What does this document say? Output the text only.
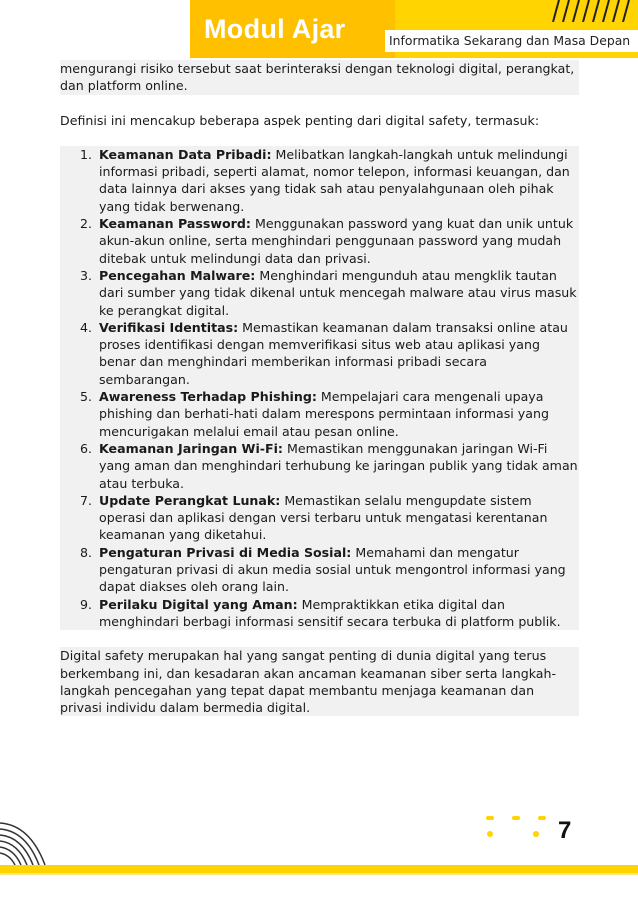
Modul Ajar	Informatika Sekarang dan Masa Depan

mengurangi risiko tersebut saat berinteraksi dengan teknologi digital, perangkat, dan platform online.

Definisi ini mencakup beberapa aspek penting dari digital safety, termasuk:

1. Keamanan Data Pribadi: Melibatkan langkah-langkah untuk melindungi informasi pribadi, seperti alamat, nomor telepon, informasi keuangan, dan data lainnya dari akses yang tidak sah atau penyalahgunaan oleh pihak yang tidak berwenang.
2. Keamanan Password: Menggunakan password yang kuat dan unik untuk akun-akun online, serta menghindari penggunaan password yang mudah ditebak untuk melindungi data dan privasi.
3. Pencegahan Malware: Menghindari mengunduh atau mengklik tautan dari sumber yang tidak dikenal untuk mencegah malware atau virus masuk ke perangkat digital.
4. Verifikasi Identitas: Memastikan keamanan dalam transaksi online atau proses identifikasi dengan memverifikasi situs web atau aplikasi yang benar dan menghindari memberikan informasi pribadi secara sembarangan.
5. Awareness Terhadap Phishing: Mempelajari cara mengenali upaya phishing dan berhati-hati dalam merespons permintaan informasi yang mencurigakan melalui email atau pesan online.
6. Keamanan Jaringan Wi-Fi: Memastikan menggunakan jaringan Wi-Fi yang aman dan menghindari terhubung ke jaringan publik yang tidak aman atau terbuka.
7. Update Perangkat Lunak: Memastikan selalu mengupdate sistem operasi dan aplikasi dengan versi terbaru untuk mengatasi kerentanan keamanan yang diketahui.
8. Pengaturan Privasi di Media Sosial: Memahami dan mengatur pengaturan privasi di akun media sosial untuk mengontrol informasi yang dapat diakses oleh orang lain.
9. Perilaku Digital yang Aman: Mempraktikkan etika digital dan menghindari berbagi informasi sensitif secara terbuka di platform publik.

Digital safety merupakan hal yang sangat penting di dunia digital yang terus berkembang ini, dan kesadaran akan ancaman keamanan siber serta langkah-langkah pencegahan yang tepat dapat membantu menjaga keamanan dan privasi individu dalam bermedia digital.

7
